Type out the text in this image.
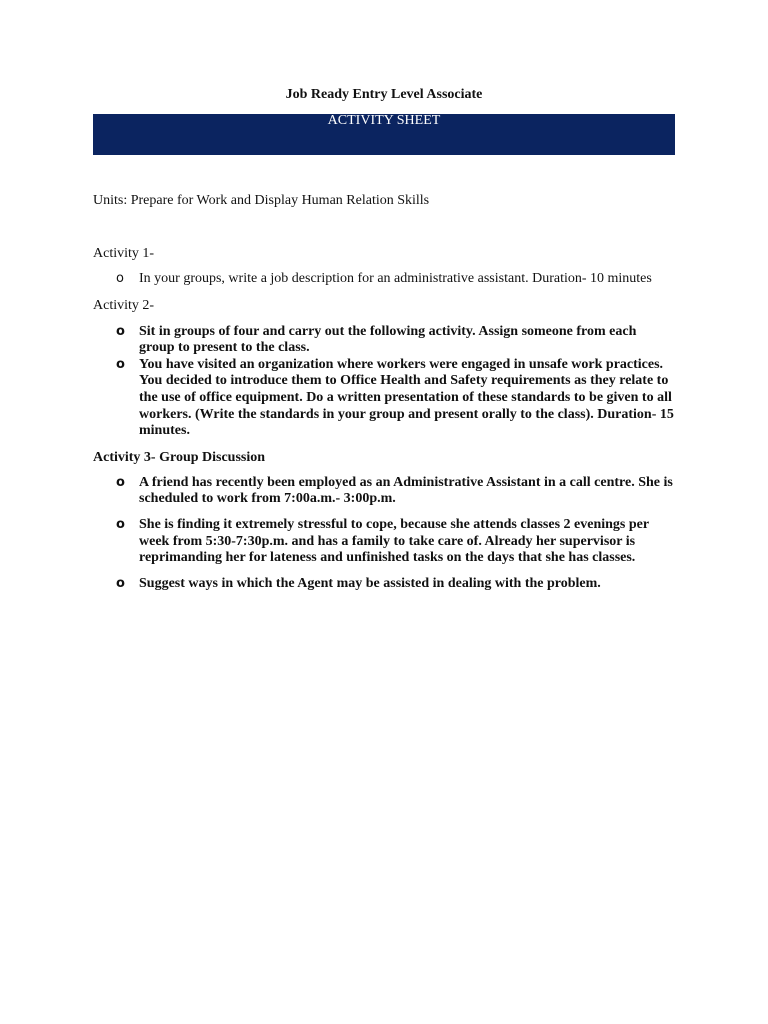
Job Ready Entry Level Associate

ACTIVITY SHEET
Units: Prepare for Work and Display Human Relation Skills
Activity 1-
o In your groups, write a job description for an administrative assistant. Duration- 10 minutes
Activity 2-
o Sit in groups of four and carry out the following activity. Assign someone from each group to present to the class.
o You have visited an organization where workers were engaged in unsafe work practices. You decided to introduce them to Office Health and Safety requirements as they relate to the use of office equipment. Do a written presentation of these standards to be given to all workers. (Write the standards in your group and present orally to the class). Duration- 15 minutes.
Activity 3- Group Discussion
o A friend has recently been employed as an Administrative Assistant in a call centre. She is scheduled to work from 7:00a.m.- 3:00p.m.
o She is finding it extremely stressful to cope, because she attends classes 2 evenings per week from 5:30-7:30p.m. and has a family to take care of. Already her supervisor is reprimanding her for lateness and unfinished tasks on the days that she has classes.
o Suggest ways in which the Agent may be assisted in dealing with the problem.
